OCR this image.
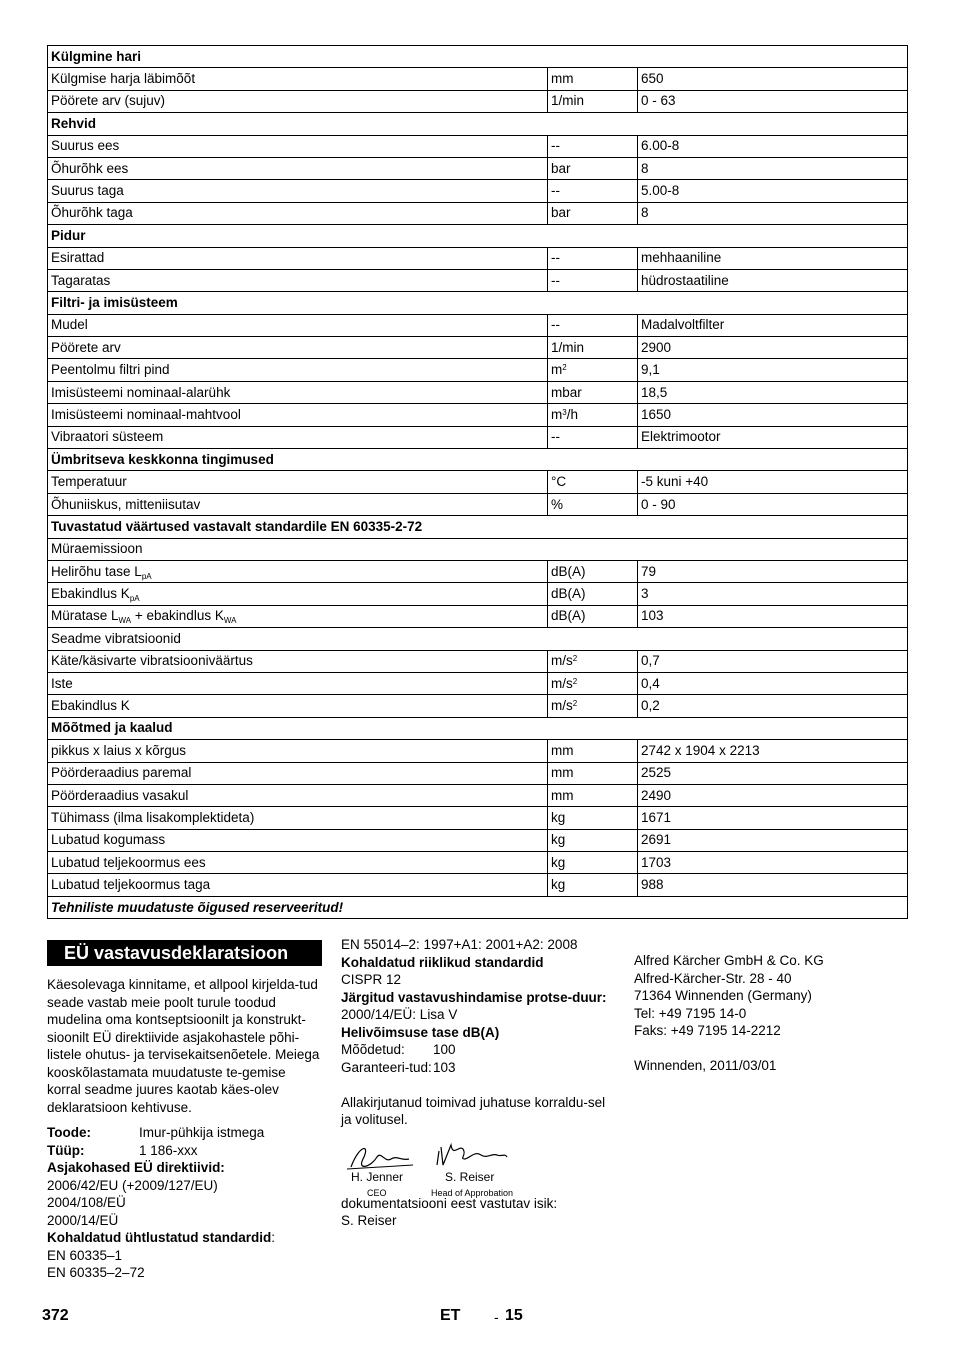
Külgmine hari		
Külgmise harja läbimõõt	mm	650
Pöörete arv (sujuv)	1/min	0 - 63
Rehvid		
Suurus ees	--	6.00-8
Õhurõhk ees	bar	8
Suurus taga	--	5.00-8
Õhurõhk taga	bar	8
Pidur		
Esirattad	--	mehhaaniline
Tagaratas	--	hüdrostaatiline
Filtri- ja imisüsteem		
Mudel	--	Madalvoltfilter
Pöörete arv	1/min	2900
Peentolmu filtri pind	$m^2$	9,1
Imisüsteemi nominaal-alarühk	mbar	18,5
Imisüsteemi nominaal-mahtvool	$m^3/h$	1650
Vibraatori süsteem	--	Elektrimootor
Ümbritseva keskkonna tingimused		
Temperatuur	°C	-5 kuni +40
Õhuniiskus, mitteniisutav	%	0 - 90
Tuvastatud väärtused vastavalt standardile EN 60335-2-72		
Müraemissioon		
Helirõhu tase $L_{pA}$	dB(A)	79
Ebakindlus $K_{pA}$	dB(A)	3
Müratase $L_{WA}$ + ebakindlus $K_{WA}$	dB(A)	103
Seadme vibratsioonid		
Käte/käsivarte vibratsiooniväärtus	$m/s^2$	0,7
Iste	$m/s^2$	0,4
Ebakindlus K	$m/s^2$	0,2
Mõõtmed ja kaalud		
pikkus x laius x kõrgus	mm	2742 x 1904 x 2213
Pöörderaadius paremal	mm	2525
Pöörderaadius vasakul	mm	2490
Tühimass (ilma lisakomplektideta)	kg	1671
Lubatud kogumass	kg	2691
Lubatud teljekoormus ees	kg	1703
Lubatud teljekoormus taga	kg	988
Tehniliste muudatuste õigused reserveeritud!		
EÜ vastavusdeklaratsioon
Käesolevaga kinnitame, et allpool kirjelda-tud seade vastab meie poolt turule toodud mudelina oma kontseptsioonilt ja konstrukt-sioonilt EÜ direktiivide asjakohastele põhi-listele ohutus- ja tervisekaitsenõetele. Meiega kooskõlastamata muudatuste te-gemise korral seadme juures kaotab käes-olev deklaratsioon kehtivuse.
Toode:	Imur-pühkija istmega
Tüüp:	1 186-xxx
Asjakohased EÜ direktiivid:
2006/42/EU (+2009/127/EU)
2004/108/EÜ
2000/14/EÜ
Kohaldatud ühtlustatud standardid:
EN 60335–1
EN 60335–2–72
EN 55014–2: 1997+A1: 2001+A2: 2008
Kohaldatud riiklikud standardid
CISPR 12
Järgitud vastavushindamise protse-duur:
2000/14/EÜ: Lisa V
Helivõimsuse tase dB(A)
Mõõdetud:	100
Garanteeri-tud: 103
Allakirjutanud toimivad juhatuse korraldu-sel ja volitusel.
H. Jenner
CEO
S. Reiser
Head of Approbation
dokumentatsiooni eest vastutav isik:
S. Reiser
Alfred Kärcher GmbH & Co. KG
Alfred-Kärcher-Str. 28 - 40
71364 Winnenden (Germany)
Tel: +49 7195 14-0
Faks: +49 7195 14-2212
Winnenden, 2011/03/01
372	ET - 15
